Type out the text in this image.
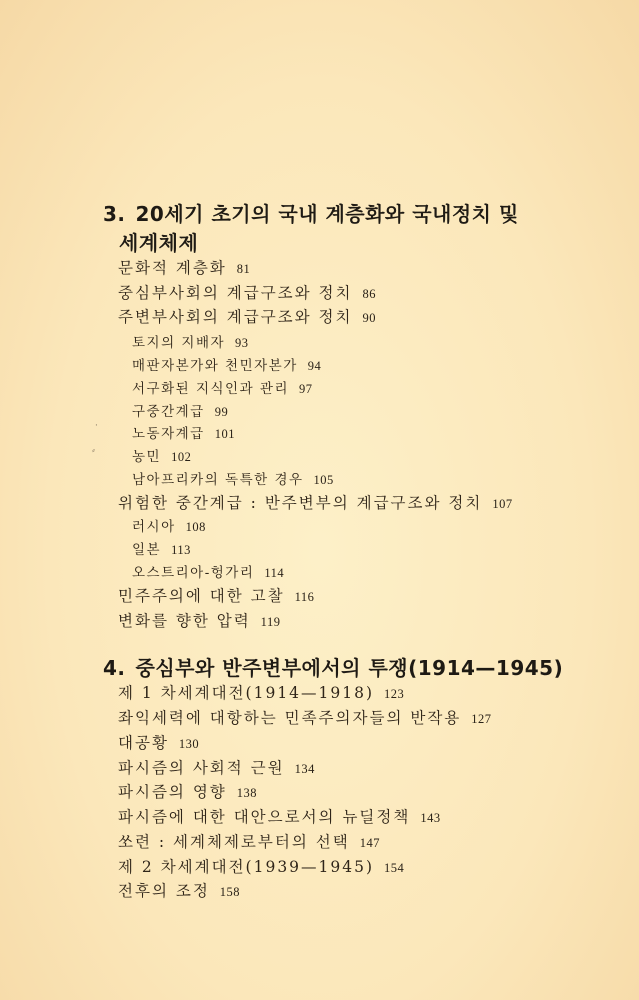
3. 20세기 초기의 국내 계층화와 국내정치 및
세계체제
문화적 계층화 81
중심부사회의 계급구조와 정치 86
주변부사회의 계급구조와 정치 90
토지의 지배자 93
매판자본가와 천민자본가 94
서구화된 지식인과 관리 97
구중간계급 99
노동자계급 101
농민 102
남아프리카의 독특한 경우 105
위험한 중간계급 : 반주변부의 계급구조와 정치 107
러시아 108
일본 113
오스트리아-헝가리 114
민주주의에 대한 고찰 116
변화를 향한 압력 119
4. 중심부와 반주변부에서의 투쟁(1914—1945)
제 1 차세계대전(1914—1918) 123
좌익세력에 대항하는 민족주의자들의 반작용 127
대공황 130
파시즘의 사회적 근원 134
파시즘의 영향 138
파시즘에 대한 대안으로서의 뉴딜정책 143
쏘련 : 세계체제로부터의 선택 147
제 2 차세계대전(1939—1945) 154
전후의 조정 158
·
⸗
